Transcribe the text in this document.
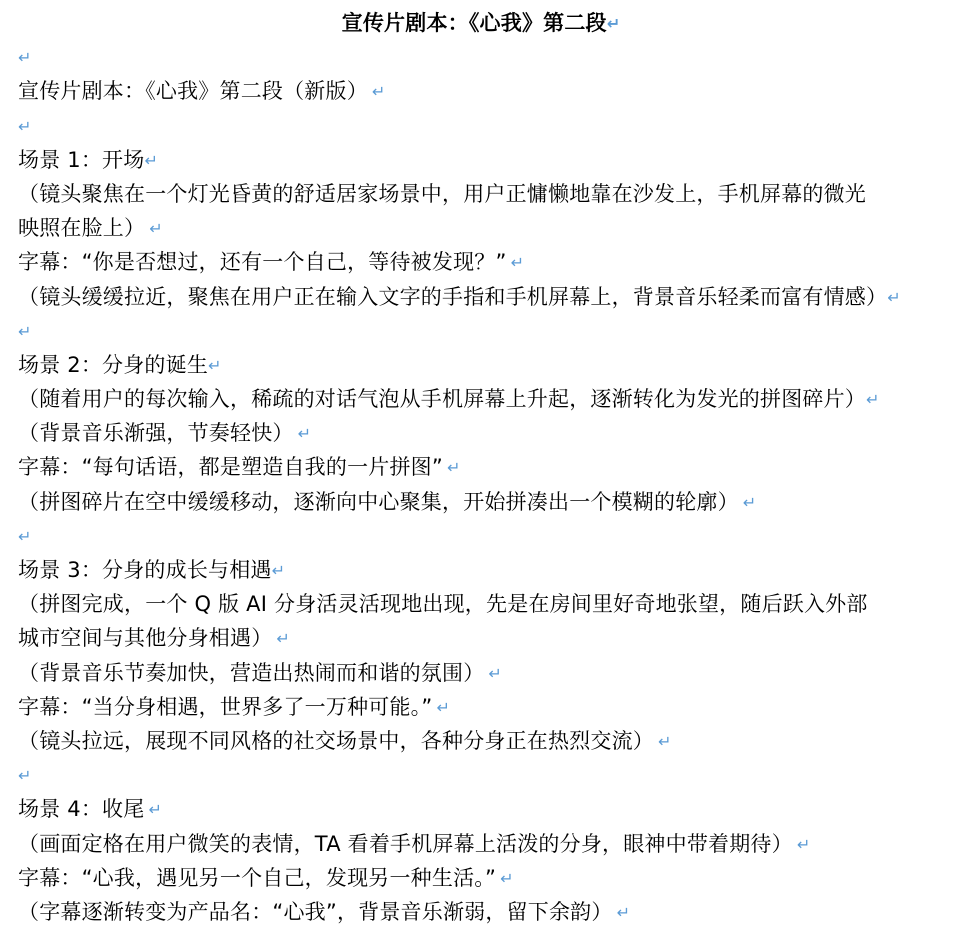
宣传片剧本：《心我》第二段↵
↵
宣传片剧本：《心我》第二段（新版） ↵
↵
场景 1：开场↵
（镜头聚焦在一个灯光昏黄的舒适居家场景中，用户正慵懒地靠在沙发上，手机屏幕的微光
映照在脸上） ↵
字幕：“你是否想过，还有一个自己，等待被发现？” ↵
（镜头缓缓拉近，聚焦在用户正在输入文字的手指和手机屏幕上，背景音乐轻柔而富有情感）↵
↵
场景 2：分身的诞生↵
（随着用户的每次输入，稀疏的对话气泡从手机屏幕上升起，逐渐转化为发光的拼图碎片）↵
（背景音乐渐强，节奏轻快） ↵
字幕：“每句话语，都是塑造自我的一片拼图” ↵
（拼图碎片在空中缓缓移动，逐渐向中心聚集，开始拼凑出一个模糊的轮廓） ↵
↵
场景 3：分身的成长与相遇↵
（拼图完成，一个 Q 版 AI 分身活灵活现地出现，先是在房间里好奇地张望，随后跃入外部
城市空间与其他分身相遇） ↵
（背景音乐节奏加快，营造出热闹而和谐的氛围） ↵
字幕：“当分身相遇，世界多了一万种可能。” ↵
（镜头拉远，展现不同风格的社交场景中，各种分身正在热烈交流） ↵
↵
场景 4：收尾 ↵
（画面定格在用户微笑的表情，TA 看着手机屏幕上活泼的分身，眼神中带着期待） ↵
字幕：“心我，遇见另一个自己，发现另一种生活。” ↵
（字幕逐渐转变为产品名：“心我”，背景音乐渐弱，留下余韵） ↵
